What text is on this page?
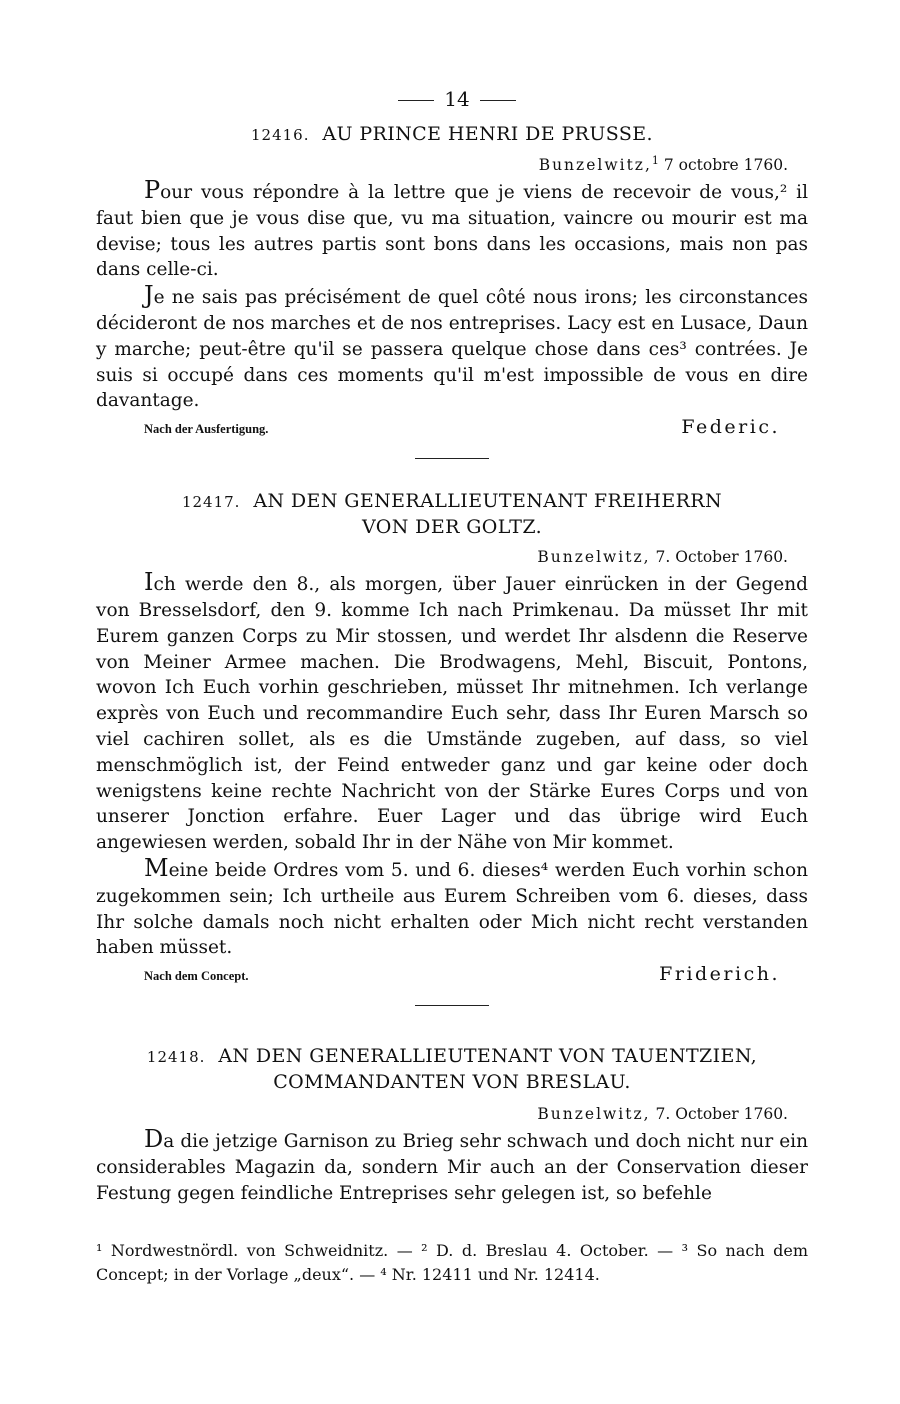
14
12416. AU PRINCE HENRI DE PRUSSE.
Bunzelwitz,$^1$ 7 octobre 1760.

Pour vous répondre à la lettre que je viens de recevoir de vous,² il faut bien que je vous dise que, vu ma situation, vaincre ou mourir est ma devise; tous les autres partis sont bons dans les occasions, mais non pas dans celle-ci.

Je ne sais pas précisément de quel côté nous irons; les circonstances décideront de nos marches et de nos entreprises. Lacy est en Lusace, Daun y marche; peut-être qu'il se passera quelque chose dans ces³ contrées. Je suis si occupé dans ces moments qu'il m'est impossible de vous en dire davantage.

Nach der Ausfertigung.	Federic.
12417. AN DEN GENERALLIEUTENANT FREIHERRN
VON DER GOLTZ.
Bunzelwitz, 7. October 1760.

Ich werde den 8., als morgen, über Jauer einrücken in der Gegend von Bresselsdorf, den 9. komme Ich nach Primkenau. Da müsset Ihr mit Eurem ganzen Corps zu Mir stossen, und werdet Ihr alsdenn die Reserve von Meiner Armee machen. Die Brodwagens, Mehl, Biscuit, Pontons, wovon Ich Euch vorhin geschrieben, müsset Ihr mitnehmen. Ich verlange exprès von Euch und recommandire Euch sehr, dass Ihr Euren Marsch so viel cachiren sollet, als es die Umstände zugeben, auf dass, so viel menschmöglich ist, der Feind entweder ganz und gar keine oder doch wenigstens keine rechte Nachricht von der Stärke Eures Corps und von unserer Jonction erfahre. Euer Lager und das übrige wird Euch angewiesen werden, sobald Ihr in der Nähe von Mir kommet.

Meine beide Ordres vom 5. und 6. dieses⁴ werden Euch vorhin schon zugekommen sein; Ich urtheile aus Eurem Schreiben vom 6. dieses, dass Ihr solche damals noch nicht erhalten oder Mich nicht recht verstanden haben müsset.

Nach dem Concept.	Friderich.
12418. AN DEN GENERALLIEUTENANT VON TAUENTZIEN,
COMMANDANTEN VON BRESLAU.
Bunzelwitz, 7. October 1760.

Da die jetzige Garnison zu Brieg sehr schwach und doch nicht nur ein considerables Magazin da, sondern Mir auch an der Conservation dieser Festung gegen feindliche Entreprises sehr gelegen ist, so befehle

¹ Nordwestnördl. von Schweidnitz. — ² D. d. Breslau 4. October. — ³ So nach dem Concept; in der Vorlage „deux“. — ⁴ Nr. 12411 und Nr. 12414.
